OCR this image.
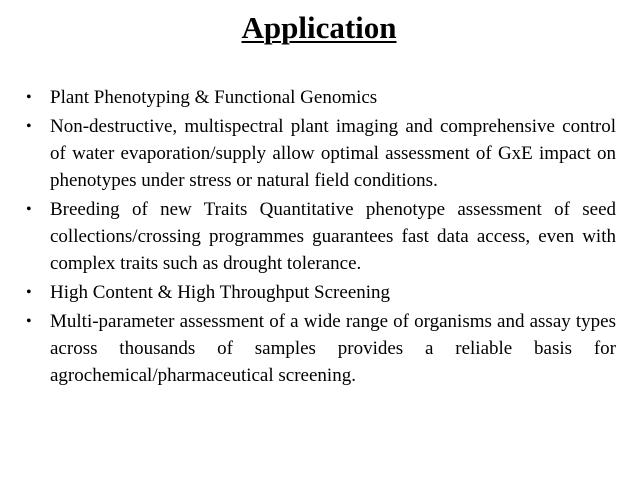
Application
• Plant Phenotyping & Functional Genomics
• Non-destructive, multispectral plant imaging and comprehensive control of water evaporation/supply allow optimal assessment of GxE impact on phenotypes under stress or natural field conditions.
• Breeding of new Traits Quantitative phenotype assessment of seed collections/crossing programmes guarantees fast data access, even with complex traits such as drought tolerance.
• High Content & High Throughput Screening
• Multi-parameter assessment of a wide range of organisms and assay types across thousands of samples provides a reliable basis for agrochemical/pharmaceutical screening.
